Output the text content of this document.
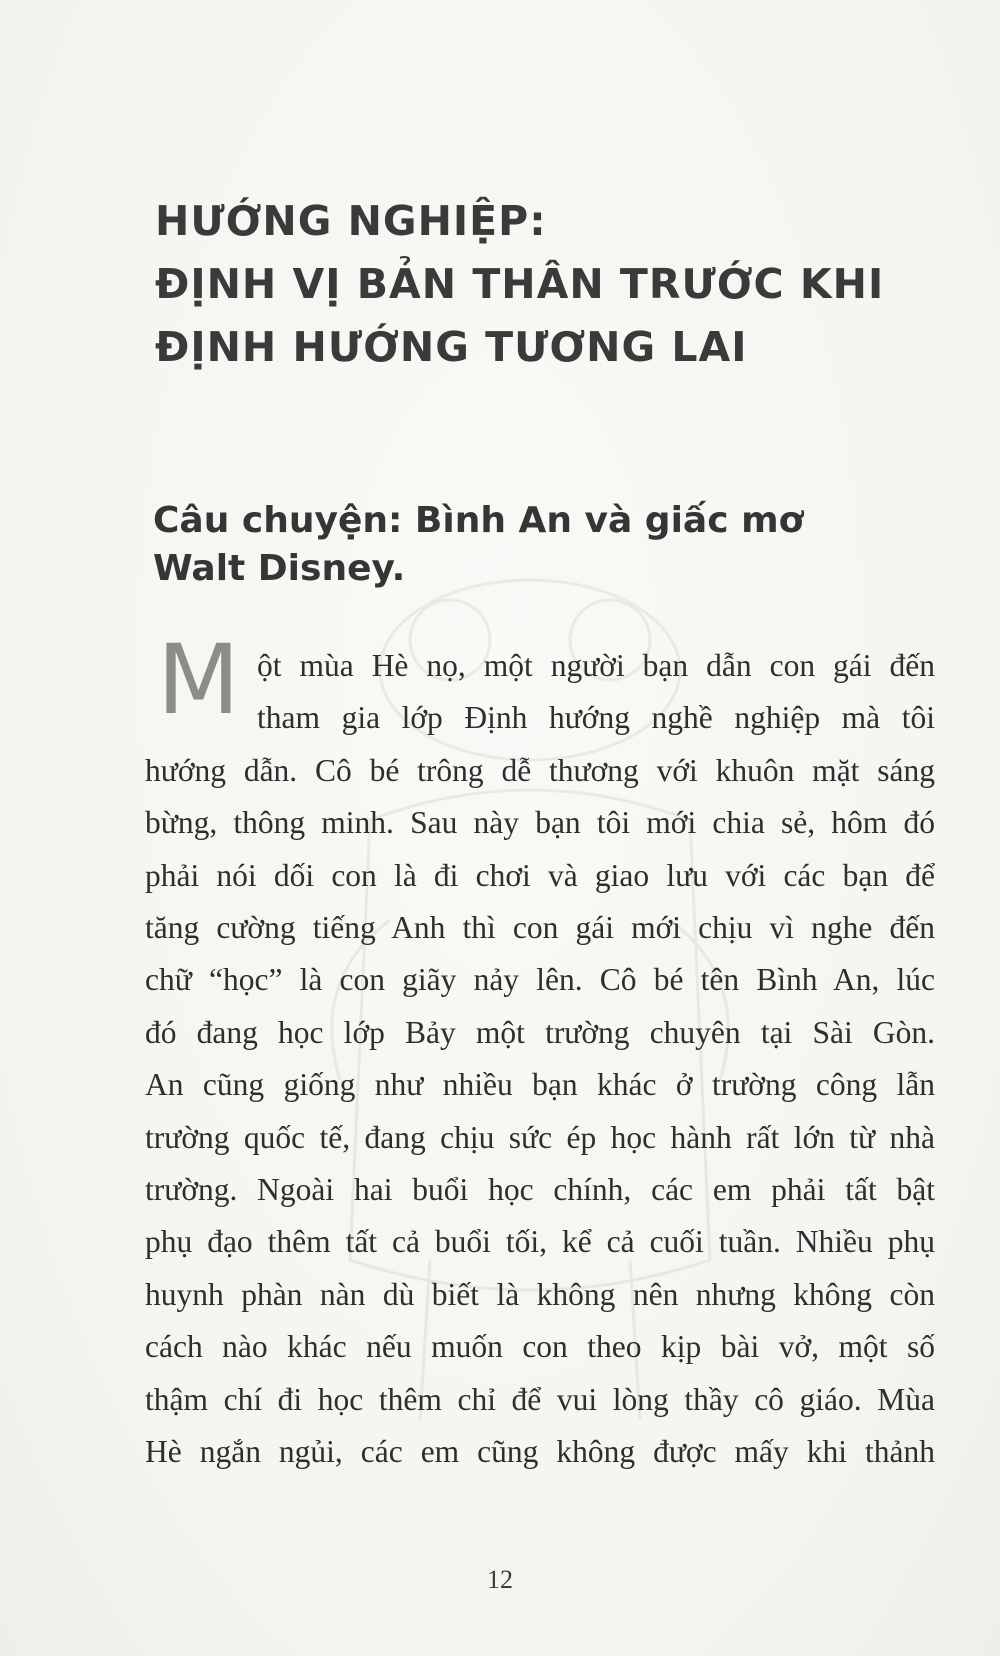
HƯỚNG NGHIỆP:
ĐỊNH VỊ BẢN THÂN TRƯỚC KHI
ĐỊNH HƯỚNG TƯƠNG LAI
Câu chuyện: Bình An và giấc mơ
Walt Disney.
M ột mùa Hè nọ, một người bạn dẫn con gái đến
tham gia lớp Định hướng nghề nghiệp mà tôi
hướng dẫn. Cô bé trông dễ thương với khuôn mặt sáng
bừng, thông minh. Sau này bạn tôi mới chia sẻ, hôm đó
phải nói dối con là đi chơi và giao lưu với các bạn để
tăng cường tiếng Anh thì con gái mới chịu vì nghe đến
chữ “học” là con giãy nảy lên. Cô bé tên Bình An, lúc
đó đang học lớp Bảy một trường chuyên tại Sài Gòn.
An cũng giống như nhiều bạn khác ở trường công lẫn
trường quốc tế, đang chịu sức ép học hành rất lớn từ nhà
trường. Ngoài hai buổi học chính, các em phải tất bật
phụ đạo thêm tất cả buổi tối, kể cả cuối tuần. Nhiều phụ
huynh phàn nàn dù biết là không nên nhưng không còn
cách nào khác nếu muốn con theo kịp bài vở, một số
thậm chí đi học thêm chỉ để vui lòng thầy cô giáo. Mùa
Hè ngắn ngủi, các em cũng không được mấy khi thảnh
12
